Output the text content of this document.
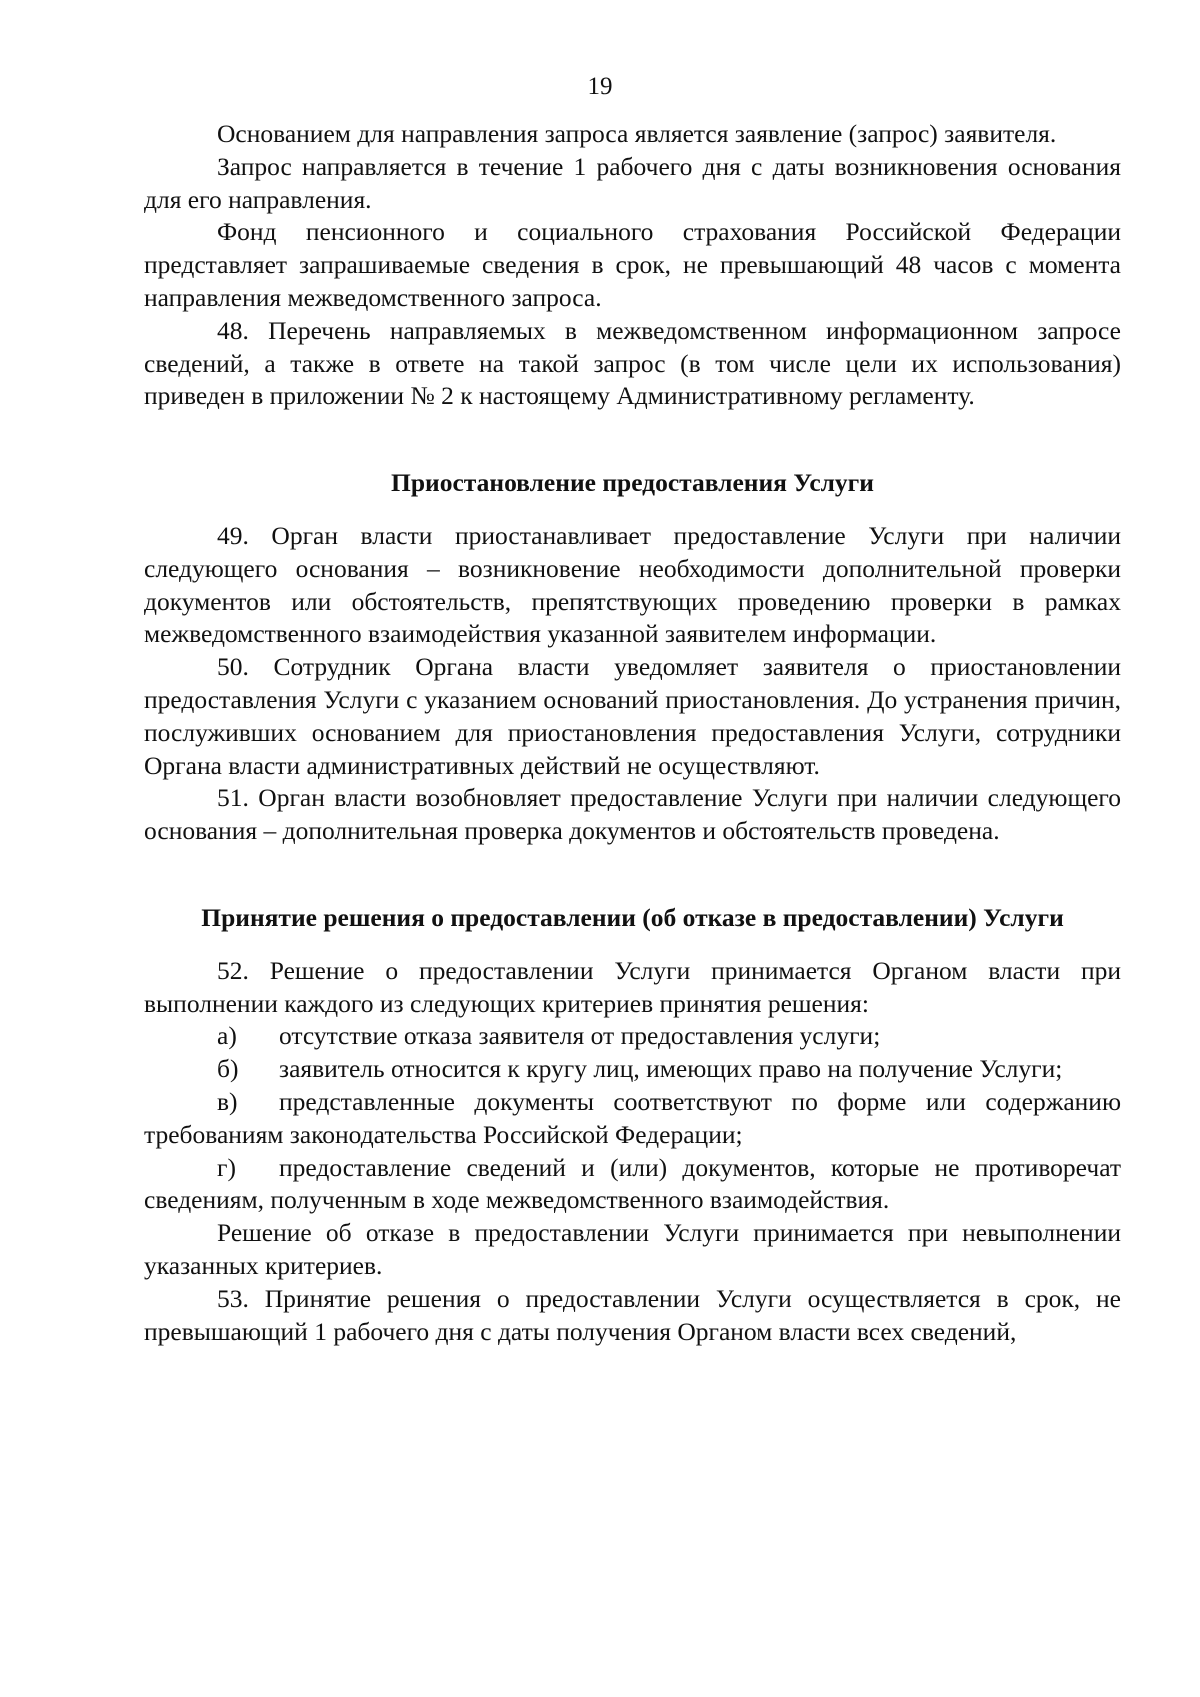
19

Основанием для направления запроса является заявление (запрос) заявителя.

Запрос направляется в течение 1 рабочего дня с даты возникновения основания для его направления.

Фонд пенсионного и социального страхования Российской Федерации представляет запрашиваемые сведения в срок, не превышающий 48 часов с момента направления межведомственного запроса.

48. Перечень направляемых в межведомственном информационном запросе сведений, а также в ответе на такой запрос (в том числе цели их использования) приведен в приложении № 2 к настоящему Административному регламенту.

Приостановление предоставления Услуги

49. Орган власти приостанавливает предоставление Услуги при наличии следующего основания – возникновение необходимости дополнительной проверки документов или обстоятельств, препятствующих проведению проверки в рамках межведомственного взаимодействия указанной заявителем информации.

50. Сотрудник Органа власти уведомляет заявителя о приостановлении предоставления Услуги с указанием оснований приостановления. До устранения причин, послуживших основанием для приостановления предоставления Услуги, сотрудники Органа власти административных действий не осуществляют.

51. Орган власти возобновляет предоставление Услуги при наличии следующего основания – дополнительная проверка документов и обстоятельств проведена.

Принятие решения о предоставлении (об отказе в предоставлении) Услуги

52. Решение о предоставлении Услуги принимается Органом власти при выполнении каждого из следующих критериев принятия решения:

а) отсутствие отказа заявителя от предоставления услуги;

б) заявитель относится к кругу лиц, имеющих право на получение Услуги;

в) представленные документы соответствуют по форме или содержанию требованиям законодательства Российской Федерации;

г) предоставление сведений и (или) документов, которые не противоречат сведениям, полученным в ходе межведомственного взаимодействия.

Решение об отказе в предоставлении Услуги принимается при невыполнении указанных критериев.

53. Принятие решения о предоставлении Услуги осуществляется в срок, не превышающий 1 рабочего дня с даты получения Органом власти всех сведений,
